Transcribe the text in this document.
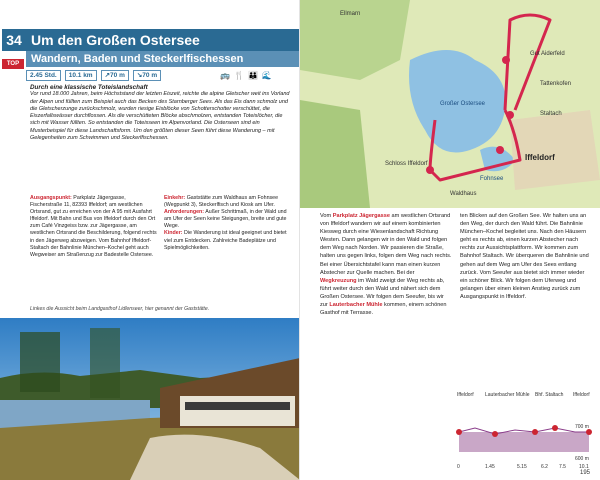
34 Um den Großen Ostersee
Wandern, Baden und Steckerlfischessen
TOP
2.45 Std.	10.1 km	↗70 m	↘70 m	🚌 🍴 👪 🌊
Durch eine klassische Toteislandschaft
Vor rund 18.000 Jahren, beim Höchststand der letzten Eiszeit, reichte die alpine Gletscher weit ins Vorland der Alpen und füllten zum Beispiel auch das Becken des Starnberger Sees. Als das Eis dann schmolz und die Gletscherzunge zurückschmolz, wurden riesige Eisblöcke von Schotterschotter verschüttet, die Eiszerfallswässer durchflossen. Als die verschütteten Blöcke abschmolzen, entstanden Toteislöcher, die sich mit Wasser füllten. So entstanden die Toteisseen im Alpenvorland. Die Osterseen sind ein Musterbeispiel für diese Landschaftsform. Um den größten dieser Seen führt diese Wanderung – mit Gelegenheiten zum Schwimmen und Steckerlfischessen.
Ausgangspunkt: Parkplatz Jägergasse, Fischerstraße 11, 82393 Iffeldorf; am westlichen Ortsrand, gut zu erreichen von der A 95 mit Ausfahrt Iffeldorf. Mit Bahn und Bus von Iffeldorf durch den Ort zum Café Vinzgeiss bzw. zur Jägergasse, am westlichen Ortsrand die Beschilderung, folgend rechts in den Jägerweg abzweigen. Vom Bahnhof Iffeldorf-Staltach der Bahnlinie München–Kochel geht auch Wegweiser am Straßenzug zur Badestelle Ostersee.
Einkehr: Gaststätte zum Waldhaus am Fohnsee (Wegpunkt 3), Steckerlfisch und Kiosk am Ufer.
Anforderungen: Außer Schrittmaß, in der Wald und am Ufer der Seen keine Steigungen, breite und gute Wege.
Kinder: Die Wanderung ist ideal geeignet und bietet viel zum Entdecken. Zahlreiche Badeplätze und Spielmöglichkeiten.
Linkes die Aussicht beim Landgasthof Lidlenseer, hier genannt der Gaststätte.
Ellmarn
Gut Aiderfeld
Tattenkofen
Staltach
Großer Ostersee
Iffeldorf
Schloss Iffeldorf
Waldhaus
Fohnsee
Vom Parkplatz Jägergasse am westlichen Ortsrand von Iffeldorf wandern wir auf einem kombinierten Kiesweg durch eine Wiesenlandschaft Richtung Westen. Dann gelangen wir in den Wald und folgen dem Weg nach Norden. Wir passieren die Straße, halten uns gegen links, folgen dem Weg nach rechts. Bei einer Übersichtstafel kann man einen kurzen Abstecher zur Quelle machen. Bei der Wegkreuzung im Wald zweigt der Weg rechts ab, führt weiter durch den Wald und nähert sich dem Großen Ostersee. Wir folgen dem Seeufer, bis wir zur Lauterbacher Mühle kommen, einem schönen Gasthof mit Terrasse.
ten Blicken auf den Großen See. Wir halten uns an den Weg, der durch den Wald führt. Die Bahnlinie München–Kochel begleitet uns. Nach den Häusern geht es rechts ab, einen kurzen Abstecher nach rechts zur Aussichtsplattform. Wir kommen zum Bahnhof Staltach. Wir überqueren die Bahnlinie und gehen auf dem Weg am Ufer des Sees entlang zurück. Vom Seeufer aus bietet sich immer wieder ein schöner Blick. Wir folgen dem Uferweg und gelangen über einen kleinen Anstieg zurück zum Ausgangspunkt in Iffeldorf.
Iffeldorf Lauterbacher Mühle Bhf. Staltach Iffeldorf
700 m
600 m
0	1.45	5.15	6.2 7.5	10.1
195
